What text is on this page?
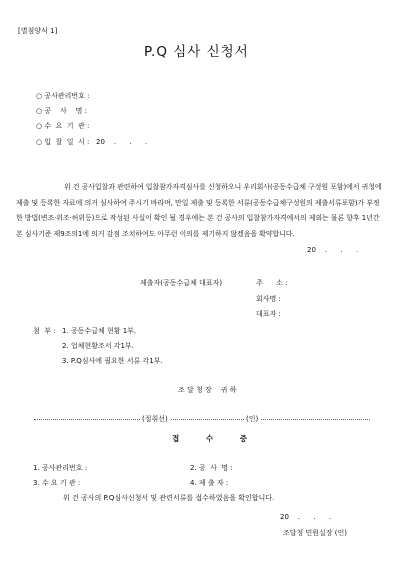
[별첨양식 1]
P.Q 심사 신청서
○ 공사관리번호 :
○ 공    사    명 :
○ 수  요  기  관 :
○ 입  찰  일  시 :   20    .      .      .
위 건 공사입찰과 관련하여 입찰참가자격심사를 신청하오니 우리회사(공동수급체 구성원 포함)에서 귀청에 제출 및 등록한 자료에 의거 심사하여 주시기 바라며, 만일 제출 및 등록한 서류(공동수급체구성원의 제출서류포함)가 부정한 방법(변조·위조·허위등)으로 작성된 사실이 확인 될 경우에는 본 건 공사의 입찰참가자격에서의 제외는 물론 향후 1년간 본 심사기준 제9조의1에 의거 감점 조치하여도 아무런 이의를 제기하지 않겠음을 확약합니다.
20    .      .      .
제출자(공동수급체 대표자)	주      소 :
회사명 :
대표자 :
첨  부 : 1. 공동수급체 현황 1부.
2. 업체현황조서 각1부.
3. P.Q심사에 필요한 서류 각1부.
조 달 청 장    귀 하
(절취선)	(인)
접 수 증
1. 공사관리번호 :	2. 공  사  명 :
3. 수 요 기 관 :	4. 제 출 자 :
위 건 공사의 P.Q심사신청서 및 관련서류를 접수하였음을 확인합니다.
20    .      .      .
조달청 민원실장 (인)
